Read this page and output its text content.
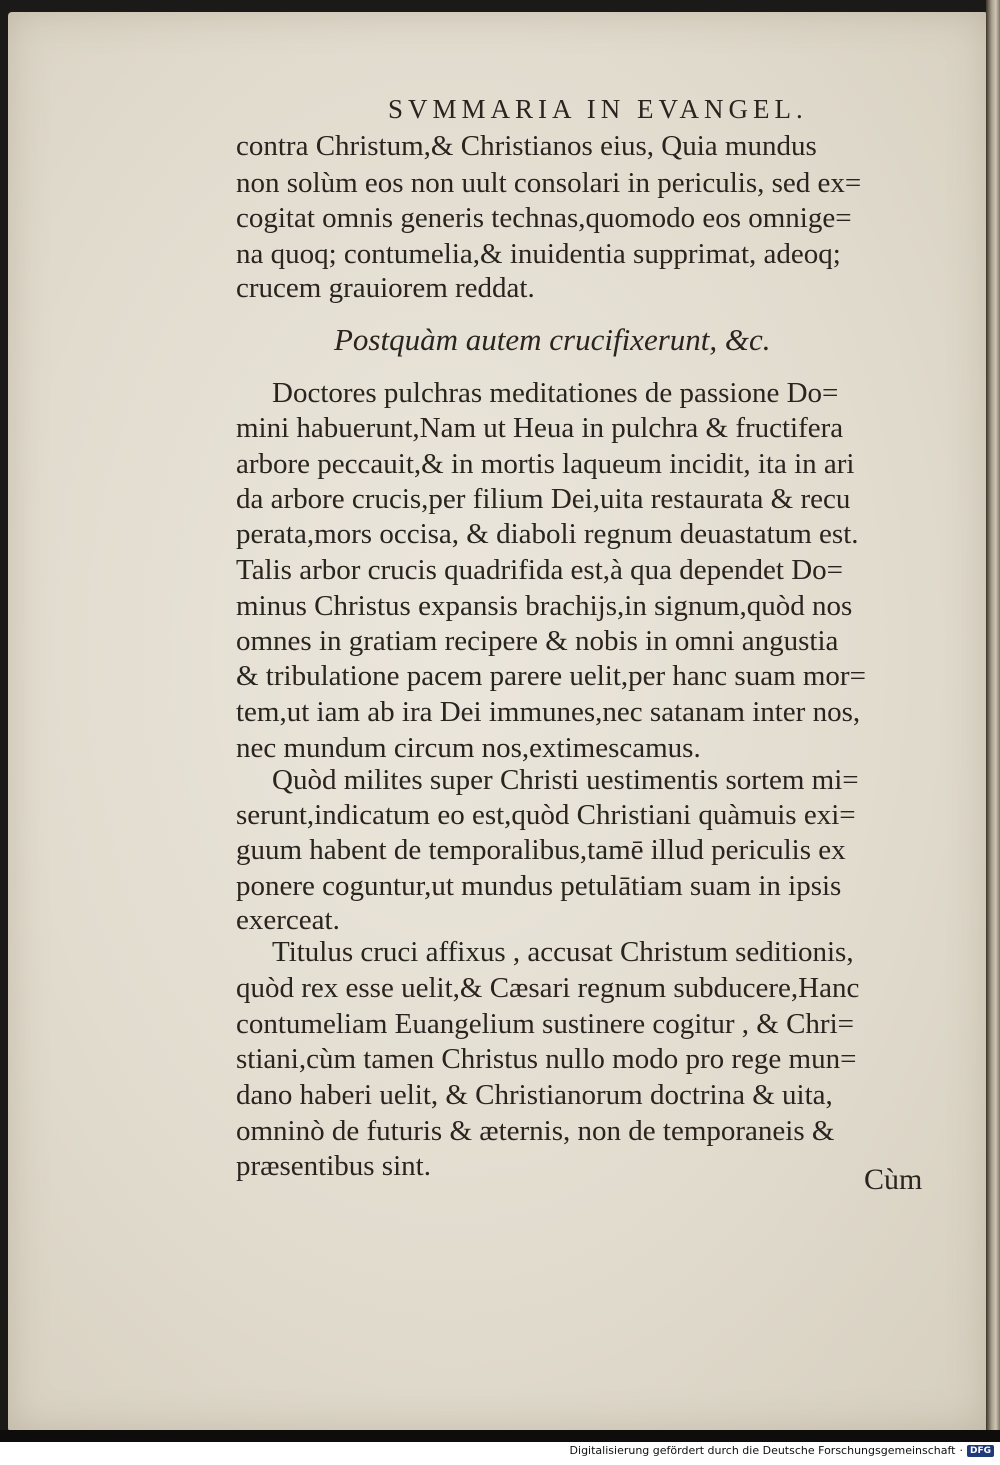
SVMMARIA IN EVANGEL.
contra Christum,& Christianos eius, Quia mundus
non solùm eos non uult consolari in periculis, sed ex=
cogitat omnis generis technas,quomodo eos omnige=
na quoq; contumelia,& inuidentia supprimat, adeoq;
crucem grauiorem reddat.
Doctores pulchras meditationes de passione Do=
mini habuerunt,Nam ut Heua in pulchra & fructifera
arbore peccauit,& in mortis laqueum incidit, ita in ari
da arbore crucis,per filium Dei,uita restaurata & recu
perata,mors occisa, & diaboli regnum deuastatum est.
Talis arbor crucis quadrifida est,à qua dependet Do=
minus Christus expansis brachijs,in signum,quòd nos
omnes in gratiam recipere & nobis in omni angustia
& tribulatione pacem parere uelit,per hanc suam mor=
tem,ut iam ab ira Dei immunes,nec satanam inter nos,
nec mundum circum nos,extimescamus.
Quòd milites super Christi uestimentis sortem mi=
serunt,indicatum eo est,quòd Christiani quàmuis exi=
guum habent de temporalibus,tamē illud periculis ex
ponere coguntur,ut mundus petulātiam suam in ipsis
exerceat.
Titulus cruci affixus , accusat Christum seditionis,
quòd rex esse uelit,& Cæsari regnum subducere,Hanc
contumeliam Euangelium sustinere cogitur , & Chri=
stiani,cùm tamen Christus nullo modo pro rege mun=
dano haberi uelit, & Christianorum doctrina & uita,
omninò de futuris & æternis, non de temporaneis &
præsentibus sint.
Postquàm autem crucifixerunt, &c.
Cùm
Digitalisierung gefördert durch die Deutsche Forschungsgemeinschaft · DFG
